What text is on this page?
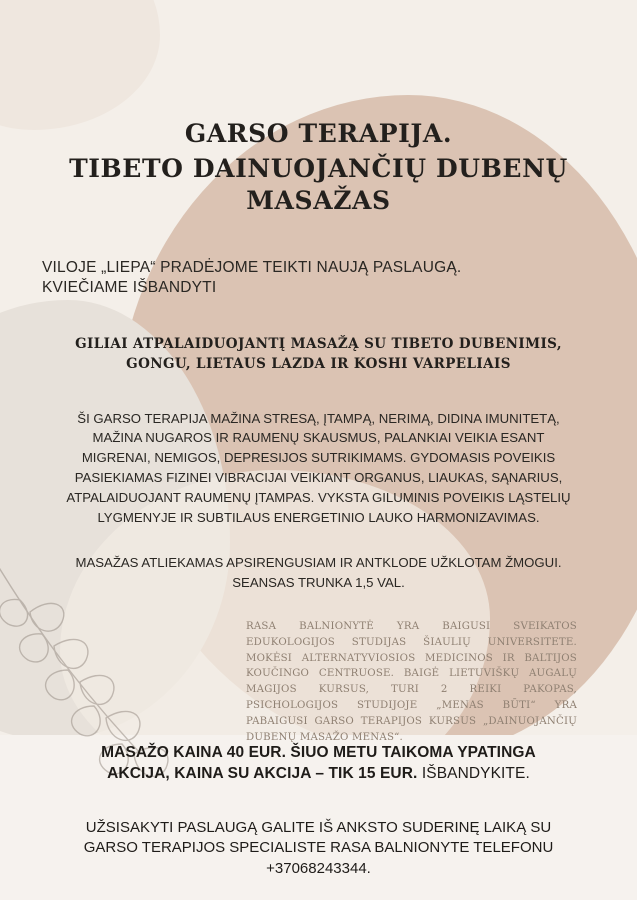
GARSO TERAPIJA.
TIBETO DAINUOJANČIŲ DUBENŲ MASAŽAS
VILOJE „LIEPA“ PRADĖJOME TEIKTI NAUJĄ PASLAUGĄ.
KVIEČIAME IŠBANDYTI
GILIAI ATPALAIDUOJANTĮ MASAŽĄ SU TIBETO DUBENIMIS,
GONGU, LIETAUS LAZDA IR KOSHI VARPELIAIS
ŠI GARSO TERAPIJA MAŽINA STRESĄ, ĮTAMPĄ, NERIMĄ, DIDINA IMUNITETĄ, MAŽINA NUGAROS IR RAUMENŲ SKAUSMUS, PALANKIAI VEIKIA ESANT MIGRENAI, NEMIGOS, DEPRESIJOS SUTRIKIMAMS. GYDOMASIS POVEIKIS PASIEKIAMAS FIZINEI VIBRACIJAI VEIKIANT ORGANUS, LIAUKAS, SĄNARIUS, ATPALAIDUOJANT RAUMENŲ ĮTAMPAS. VYKSTA GILUMINIS POVEIKIS LĄSTELIŲ LYGMENYJE IR SUBTILAUS ENERGETINIO LAUKO HARMONIZAVIMAS.
MASAŽAS ATLIEKAMAS APSIRENGUSIAM IR ANTKLODE UŽKLOTAM ŽMOGUI. SEANSAS TRUNKA 1,5 VAL.
RASA BALNIONYTĖ YRA BAIGUSI SVEIKATOS EDUKOLOGIJOS STUDIJAS ŠIAULIŲ UNIVERSITETE. MOKĖSI ALTERNATYVIOSIOS MEDICINOS IR BALTIJOS KOUČINGO CENTRUOSE. BAIGĖ LIETUVIŠKŲ AUGALŲ MAGIJOS KURSUS, TURI 2 REIKI PAKOPAS, PSICHOLOGIJOS STUDIJOJE „MENAS BŪTI“ YRA PABAIGUSI GARSO TERAPIJOS KURSUS „DAINUOJANČIŲ DUBENŲ MASAŽO MENAS“.
MASAŽO KAINA 40 EUR. ŠIUO METU TAIKOMA YPATINGA
AKCIJA, KAINA SU AKCIJA – TIK 15 EUR. IŠBANDYKITE.
UŽSISAKYTI PASLAUGĄ GALITE IŠ ANKSTO SUDERINĘ LAIKĄ SU
GARSO TERAPIJOS SPECIALISTE RASA BALNIONYTE TELEFONU
+37068243344.
